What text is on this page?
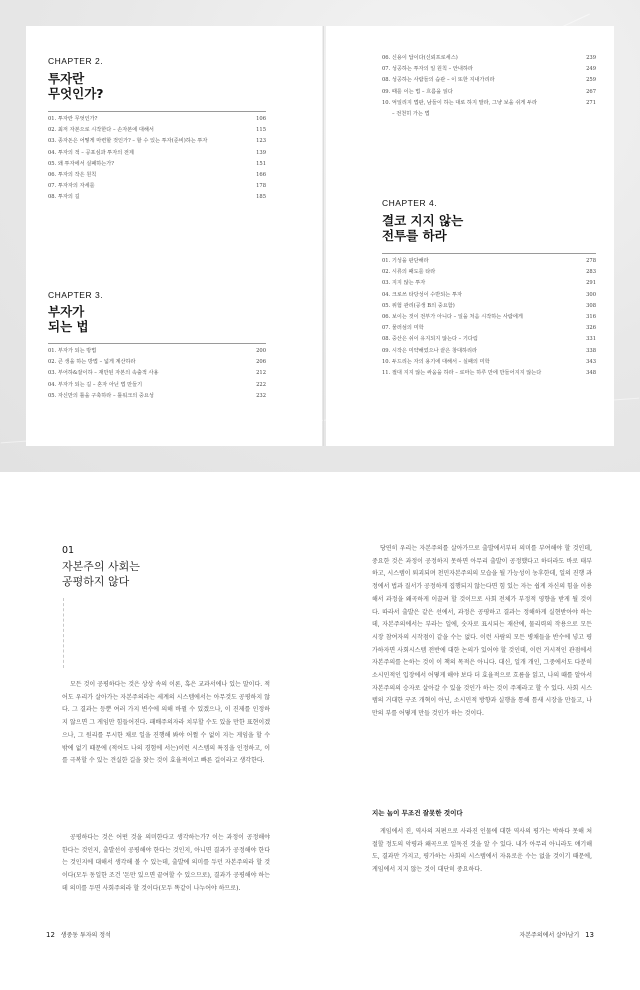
CHAPTER 2.
투자란
무엇인가?
01. 투자란 무엇인가?	106
02. 최저 자본으로 시작한다 – 손자본에 대해서	115
03. 종자돈은 어떻게 마련할 것인가? – 할 수 있는 투자(준비)하는 투자	123
04. 투자의 적 – 공포심과 투자의 전제	139
05. 왜 투자에서 실패하는가?	151
06. 투자의 작은 원칙	166
07. 투자자의 자세를	178
08. 투자의 길	185
CHAPTER 3.
부자가
되는 법
01. 부자가 되는 방법	200
02. 큰 생을 하는 방법 – 넓게 계산하라	206
03. 부어하&잘이하 – 재만된 자본의 속출적 사용	212
04. 부자가 되는 길 – 혼자 아닌 법 만들기	222
05. 자신만의 틀을 구축하라 – 틀워크의 중요성	232
06. 신용이 답이다(신뢰프로세스)	239
07. 성공하는 투자의 일 원칙 – 안내하라	249
08. 성공하는 사람들의 습관 – 이 또한 지내가리라	259
09. 때를 이는 법 – 흐름을 읽다	267
10. 억일리지 법판, 남들이 하는 대로 하지 말라, 그냥 보을 쉬게 두라	271
– 전천히 가는 법
CHAPTER 4.
결코 지지 않는
전투를 하라
01. 기성을 판단해라	278
02. 시류의 패도를 타라	283
03. 지지 않는 투자	291
04. 크로쓰 타당성이 수반되는 투자	300
05. 위험 관리(공생 B의 중요함)	308
06. 보이는 것이 전부가 아니다 – 일을 처음 시작하는 사람에게	316
07. 물러섬의 미학	326
08. 중산은 쉬이 유지되지 않는다 – 기다림	331
09. 시작은 미약해었으나 끝은 창대하리라	338
10. 두드리는 자의 용기에 대해서 – 실패의 미학	343
11. 절대 지지 않는 싸움을 하라 – 로마는 하루 만에 만들어지지 않는다	348
01
자본주의 사회는
공평하지 않다

모든 것이 공평하다는 것은 상상 속의 이론, 혹은 교과서에나 있는 말이다. 적어도 우리가 살아가는 자본주의라는 세계의 시스템에서는 아무것도 공평하지 않다. 그 결과는 등뿐 여러 가지 변수에 의해 바뀔 수 있겠으나, 이 진제를 인정하지 않으면 그 게임만 힘들어진다. 패배주의자라 치부할 수도 있을 만한 표현이겠으나, 그 원리를 무시한 채로 일을 진행해 봐야 어쩔 수 없이 지는 게임을 할 수밖에 없기 때문에 (적어도 나의 경험에 서는)이런 시스템의 특징을 인정하고, 이를 극복할 수 있는 견실한 길을 찾는 것이 효율적이고 빠른 길이라고 생각한다.

공평하다는 것은 어떤 것을 의미한다고 생각하는가? 이는 과정이 공정해야 한다는 것인지, 출발선이 공평해야 한다는 것인지, 아니면 결과가 공정해야 한다는 것인지에 대해서 생각해 볼 수 있는데, 출발에 의미를 두던 자본주의라 할 것이다(모두 동일한 조건 '돈만 있으면 끝여할 수 있으므로), 결과가 공평해야 하는 데 의미를 두면 사회주의라 할 것이다(모두 똑같이 나누어야 하므로).

당연히 우리는 자본주의를 살아가므로 출발에서부터 의미를 부여해야 할 것인데, 중요한 것은 과정이 공정하지 못하면 아무리 출발이 공정했다고 하더라도 바로 태부하고, 시스템이 퇴괴되며 천민자본주의의 모습을 될 가능성이 농후한데, 일의 진행 과정에서 법과 질서가 공정하게 집행되지 않는다면 힘 있는 자는 쉽게 자신의 힘을 이용해서 과정을 왜곡하게 이끌려 할 것이므로 사회 전체가 부정적 영향을 받게 될 것이다. 따라서 출발은 같은 선에서, 과정은 공평하고 결과는 정해하게 실현받아야 하는데, 자본주의에서는 부라는 일에, 숫자로 표시되는 재산에, 물리력의 작용으로 모든 시장 참여자의 시작점이 같을 수는 없다. 이런 사람의 모든 병채들을 반수에 넣고 평가하자면 사회시스템 전반에 대한 논의가 있어야 할 것인데, 이런 거시적인 관점에서 자본주의를 논하는 것이 이 책의 목적은 아니다. 대신, 일개 개인, 그중에서도 다분히 소시민적인 입장에서 어떻게 해야 보다 더 효율적으로 흐름을 읽고, 나의 때를 알아서 자본주의의 승자로 살아갈 수 있을 것인가 하는 것이 주제라고 할 수 있다. 사회 시스템의 거대한 구조 개혁이 아닌, 소시민적 방향과 실행을 통해 틈새 시장을 만들고, 나만의 부를 어떻게 만들 것인가 하는 것이다.

지는 놈이 무조건 잘못한 것이다

게임에서 진, 역사의 저편으로 사라진 인물에 대한 역사의 평가는 박하다 못해 처절할 정도의 악평과 왜곡으로 일독진 것을 알 수 있다. 내가 아무리 아니라도 얘기해도, 결과만 가지고, 평가하는 사회의 시스템에서 자유로운 수는 없을 것이기 때문에, 게임에서 지지 않는 것이 대단히 중요하다.

12 생중동 투자의 정석	자본주의에서 살아남기 13
